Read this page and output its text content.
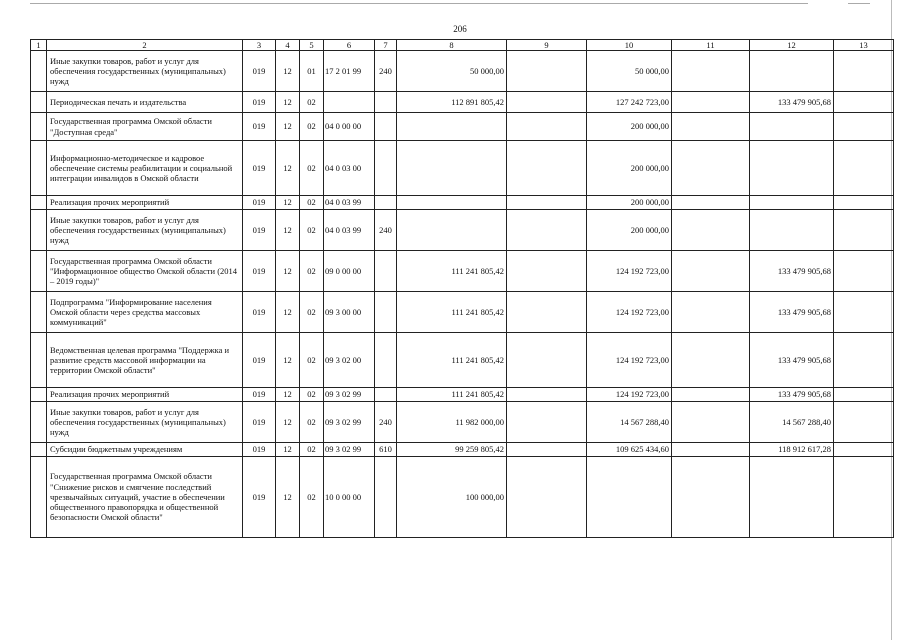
206
1	2	3	4	5	6	7	8	9	10	11	12	13
	Иные закупки товаров, работ и услуг для обеспечения государственных (муниципальных) нужд	019	12	01	17 2 01 99	240	50 000,00		50 000,00			
	Периодическая печать и издательства	019	12	02			112 891 805,42		127 242 723,00		133 479 905,68	
	Государственная программа Омской области "Доступная среда"	019	12	02	04 0 00 00				200 000,00			
	Информационно-методическое и кадровое обеспечение системы реабилитации и социальной интеграции инвалидов в Омской области	019	12	02	04 0 03 00				200 000,00			
	Реализация прочих мероприятий	019	12	02	04 0 03 99				200 000,00			
	Иные закупки товаров, работ и услуг для обеспечения государственных (муниципальных) нужд	019	12	02	04 0 03 99	240			200 000,00			
	Государственная программа Омской области "Информационное общество Омской области (2014 – 2019 годы)"	019	12	02	09 0 00 00		111 241 805,42		124 192 723,00		133 479 905,68	
	Подпрограмма "Информирование населения Омской области через средства массовых коммуникаций"	019	12	02	09 3 00 00		111 241 805,42		124 192 723,00		133 479 905,68	
	Ведомственная целевая программа "Поддержка и развитие средств массовой информации на территории Омской области"	019	12	02	09 3 02 00		111 241 805,42		124 192 723,00		133 479 905,68	
	Реализация прочих мероприятий	019	12	02	09 3 02 99		111 241 805,42		124 192 723,00		133 479 905,68	
	Иные закупки товаров, работ и услуг для обеспечения государственных (муниципальных) нужд	019	12	02	09 3 02 99	240	11 982 000,00		14 567 288,40		14 567 288,40	
	Субсидии бюджетным учреждениям	019	12	02	09 3 02 99	610	99 259 805,42		109 625 434,60		118 912 617,28	
	Государственная программа Омской области "Снижение рисков и смягчение последствий чрезвычайных ситуаций, участие в обеспечении общественного правопорядка и общественной безопасности Омской области"	019	12	02	10 0 00 00		100 000,00					
